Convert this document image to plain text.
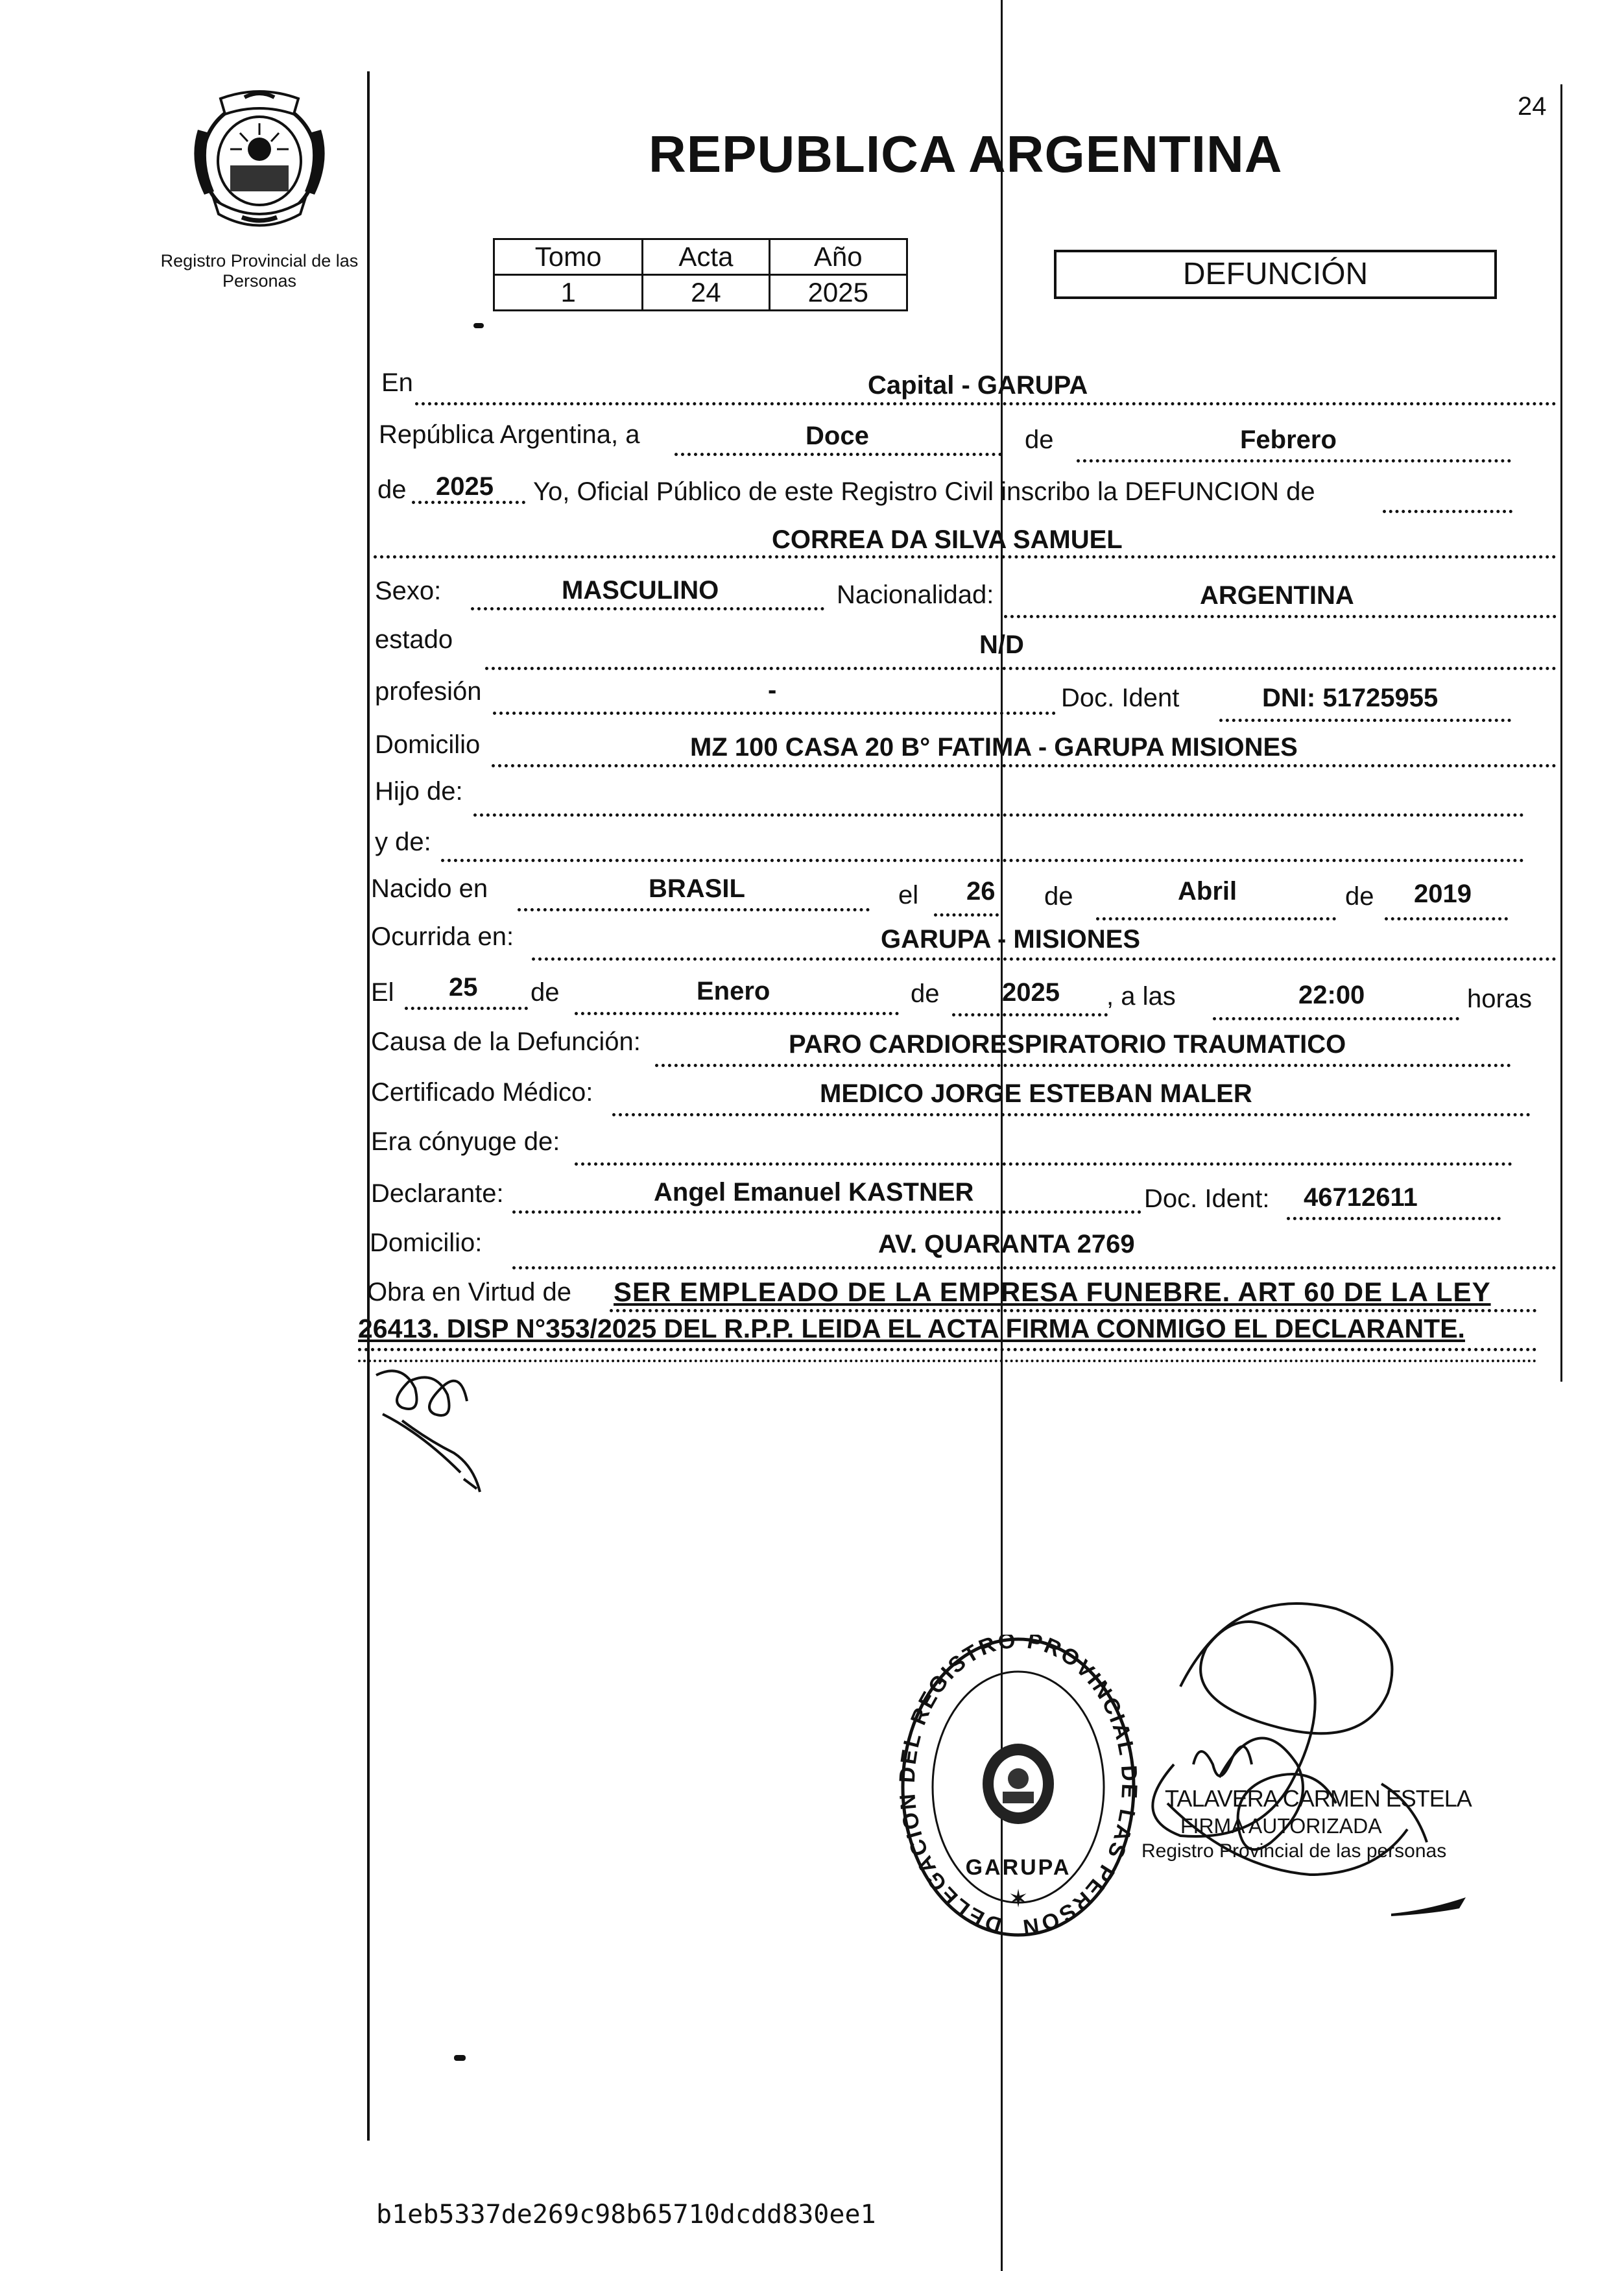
24
Registro Provincial de las Personas
REPUBLICA ARGENTINA
Tomo	Acta	Año
1	24	2025
DEFUNCIÓN
En	Capital - GARUPA
República Argentina, a	Doce	de	Febrero
de 2025 Yo, Oficial Público de este Registro Civil inscribo la DEFUNCION de
CORREA DA SILVA SAMUEL
Sexo:	MASCULINO	Nacionalidad:	ARGENTINA
estado	N/D
profesión	-	Doc. Ident	DNI: 51725955
Domicilio	MZ 100 CASA 20 B° FATIMA - GARUPA MISIONES
Hijo de:
y de:
Nacido en	BRASIL	el 26 de	Abril	de 2019
Ocurrida en:	GARUPA - MISIONES
El 25 de	Enero	de 2025 , a las	22:00	horas
Causa de la Defunción:	PARO CARDIORESPIRATORIO TRAUMATICO
Certificado Médico:	MEDICO JORGE ESTEBAN MALER
Era cónyuge de:
Declarante:	Angel Emanuel KASTNER	Doc. Ident: 46712611
Domicilio:	AV. QUARANTA 2769
Obra en Virtud de SER EMPLEADO DE LA EMPRESA FUNEBRE. ART 60 DE LA LEY
26413. DISP N°353/2025 DEL R.P.P. LEIDA EL ACTA FIRMA CONMIGO EL DECLARANTE.
DELEGACIO EL REGISTRO PROVINCIAL LAS PERSON
GARUPA
✶
TALAVERA CARMEN ESTELA
FIRMA AUTORIZADA
Registro Provincial de las personas
b1eb5337de269c98b65710dcdd830ee1
